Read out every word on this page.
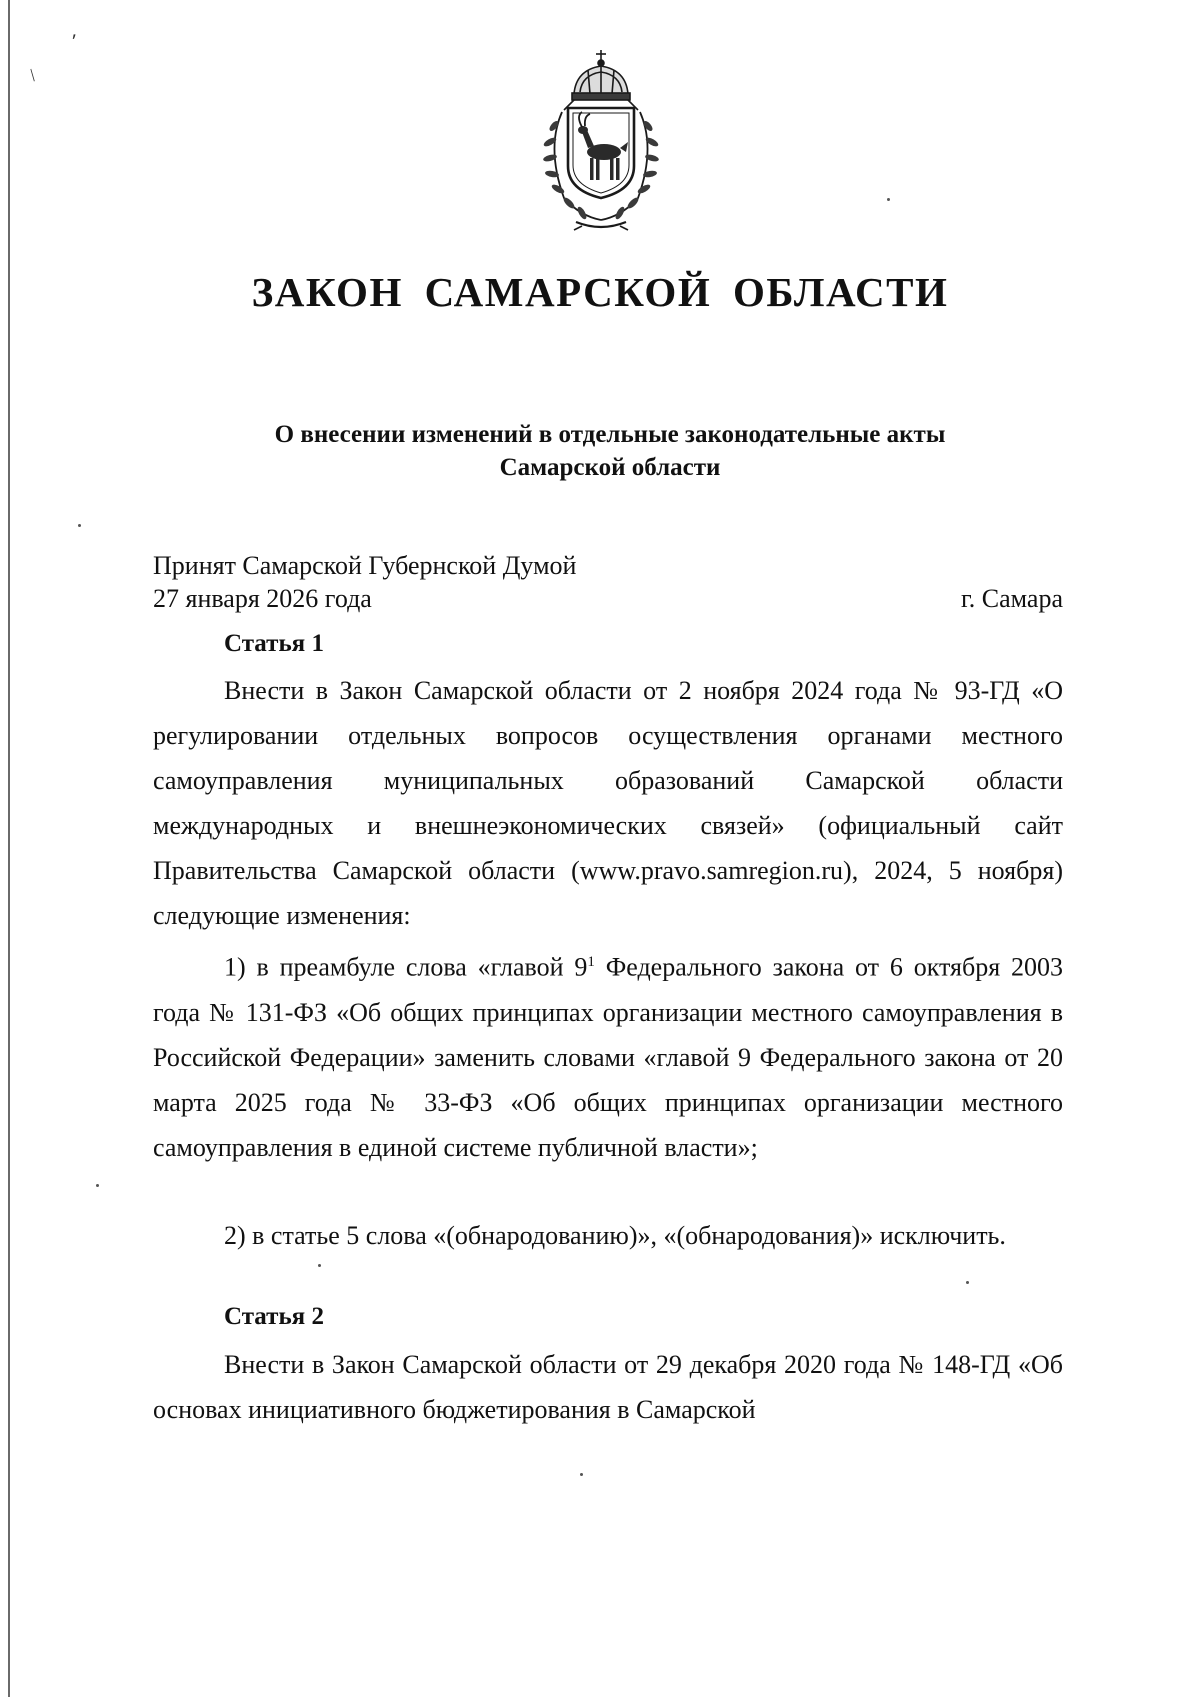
⸴
/
ЗАКОН САМАРСКОЙ ОБЛАСТИ
О внесении изменений в отдельные законодательные акты
Самарской области
Принят Самарской Губернской Думой
27 января 2026 года	г. Самара
Статья 1
Внести в Закон Самарской области от 2 ноября 2024 года № 93-ГД «О регулировании отдельных вопросов осуществления органами местного самоуправления муниципальных образований Самарской области международных и внешнеэкономических связей» (официальный сайт Правительства Самарской области (www.pravo.samregion.ru), 2024, 5 ноября) следующие изменения:
1) в преамбуле слова «главой $9^1$ Федерального закона от 6 октября 2003 года № 131-ФЗ «Об общих принципах организации местного самоуправления в Российской Федерации» заменить словами «главой 9 Федерального закона от 20 марта 2025 года № 33-ФЗ «Об общих принципах организации местного самоуправления в единой системе публичной власти»;
2) в статье 5 слова «(обнародованию)», «(обнародования)» исключить.
Статья 2
Внести в Закон Самарской области от 29 декабря 2020 года № 148-ГД «Об основах инициативного бюджетирования в Самарской
